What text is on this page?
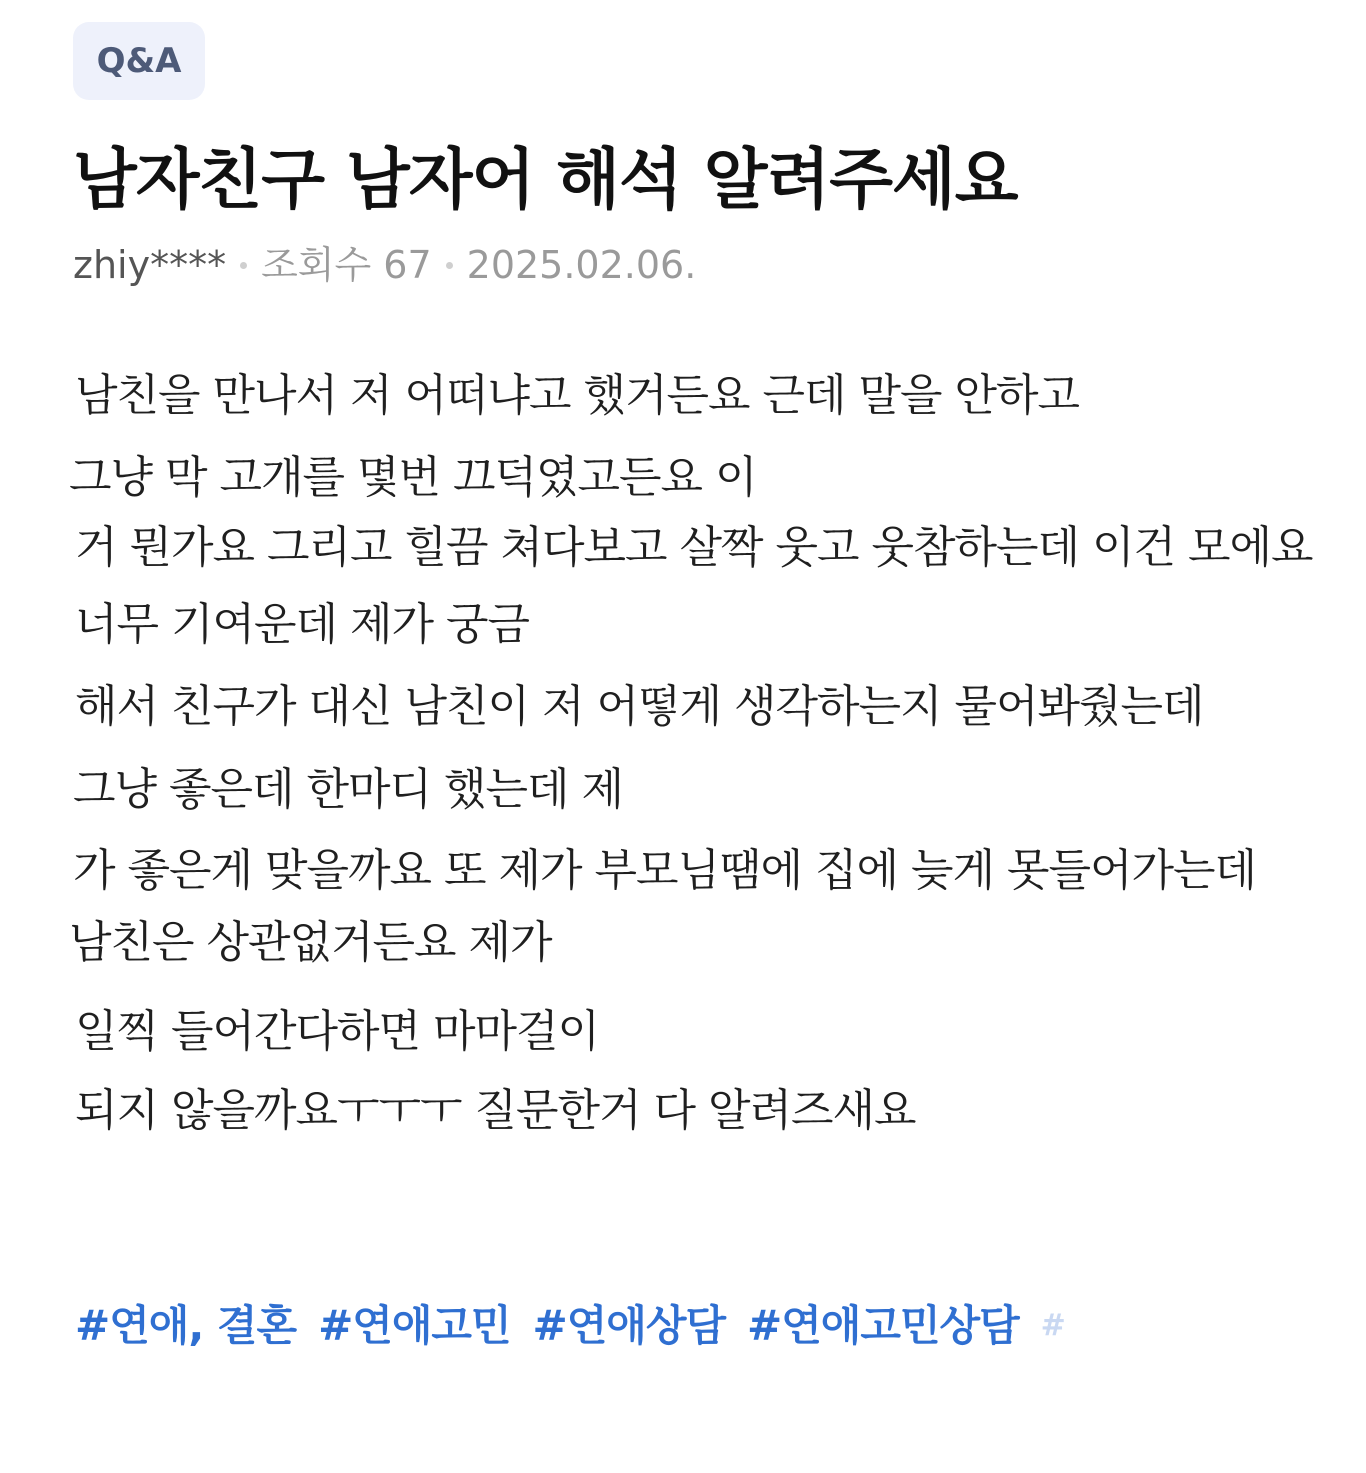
Q&A
남자친구 남자어 해석 알려주세요
zhiy**** 조회수 67 2025.02.06.
남친을 만나서 저 어떠냐고 했거든요 근데 말을 안하고
그냥 막 고개를 몇번 끄덕였고든요 이
거 뭔가요 그리고 힐끔 쳐다보고 살짝 웃고 웃참하는데 이건 모에요
너무 기여운데 제가 궁금
해서 친구가 대신 남친이 저 어떻게 생각하는지 물어봐줬는데
그냥 좋은데 한마디 했는데 제
가 좋은게 맞을까요 또 제가 부모님땜에 집에 늦게 못들어가는데
남친은 상관없거든요 제가
일찍 들어간다하면 마마걸이
되지 않을까요ㅜㅜㅜ 질문한거 다 알려즈새요
#연애, 결혼 #연애고민 #연애상담 #연애고민상담 #
